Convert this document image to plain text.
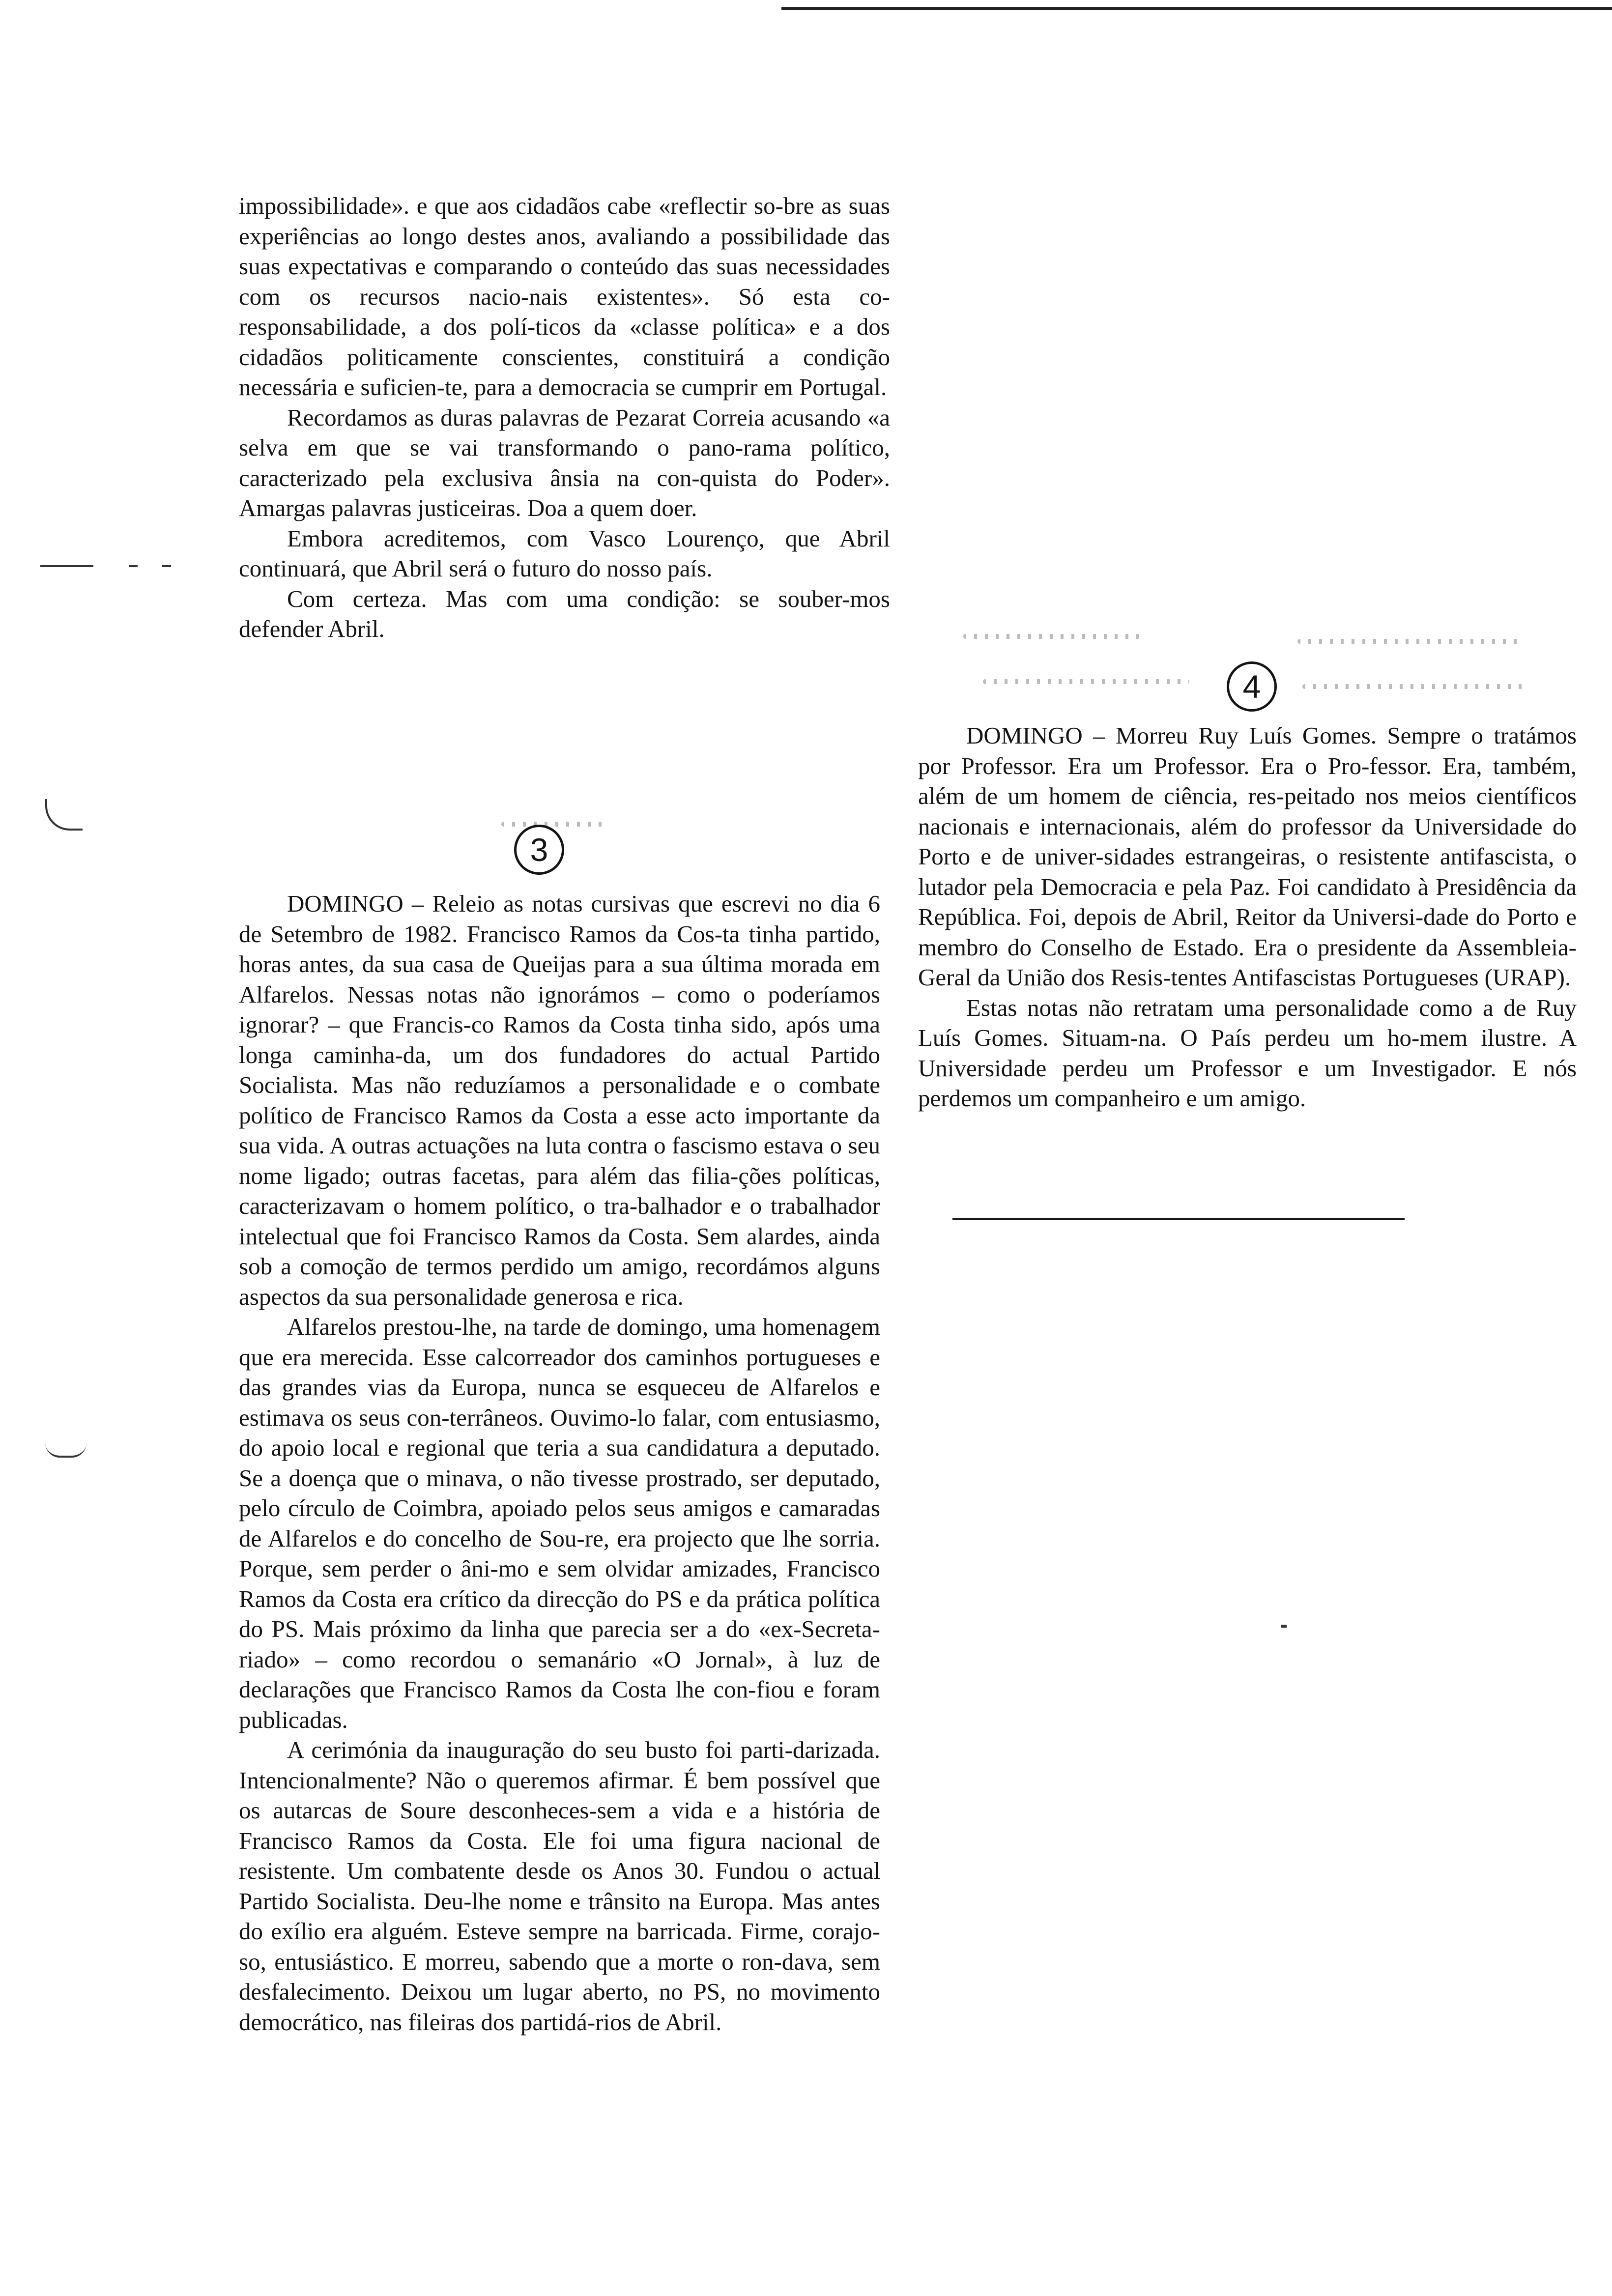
impossibilidade». e que aos cidadãos cabe «reflectir so-bre as suas experiências ao longo destes anos, avaliando a possibilidade das suas expectativas e comparando o conteúdo das suas necessidades com os recursos nacio-nais existentes». Só esta co-responsabilidade, a dos polí-ticos da «classe política» e a dos cidadãos politicamente conscientes, constituirá a condição necessária e suficien-te, para a democracia se cumprir em Portugal.

Recordamos as duras palavras de Pezarat Correia acusando «a selva em que se vai transformando o pano-rama político, caracterizado pela exclusiva ânsia na con-quista do Poder». Amargas palavras justiceiras. Doa a quem doer.

Embora acreditemos, com Vasco Lourenço, que Abril continuará, que Abril será o futuro do nosso país.

Com certeza. Mas com uma condição: se souber-mos defender Abril.

3

DOMINGO – Releio as notas cursivas que escrevi no dia 6 de Setembro de 1982. Francisco Ramos da Cos-ta tinha partido, horas antes, da sua casa de Queijas para a sua última morada em Alfarelos. Nessas notas não ignorámos – como o poderíamos ignorar? – que Francis-co Ramos da Costa tinha sido, após uma longa caminha-da, um dos fundadores do actual Partido Socialista. Mas não reduzíamos a personalidade e o combate político de Francisco Ramos da Costa a esse acto importante da sua vida. A outras actuações na luta contra o fascismo estava o seu nome ligado; outras facetas, para além das filia-ções políticas, caracterizavam o homem político, o tra-balhador e o trabalhador intelectual que foi Francisco Ramos da Costa. Sem alardes, ainda sob a comoção de termos perdido um amigo, recordámos alguns aspectos da sua personalidade generosa e rica.

Alfarelos prestou-lhe, na tarde de domingo, uma homenagem que era merecida. Esse calcorreador dos caminhos portugueses e das grandes vias da Europa, nunca se esqueceu de Alfarelos e estimava os seus con-terrâneos. Ouvimo-lo falar, com entusiasmo, do apoio local e regional que teria a sua candidatura a deputado. Se a doença que o minava, o não tivesse prostrado, ser deputado, pelo círculo de Coimbra, apoiado pelos seus amigos e camaradas de Alfarelos e do concelho de Sou-re, era projecto que lhe sorria. Porque, sem perder o âni-mo e sem olvidar amizades, Francisco Ramos da Costa era crítico da direcção do PS e da prática política do PS. Mais próximo da linha que parecia ser a do «ex-Secreta-riado» – como recordou o semanário «O Jornal», à luz de declarações que Francisco Ramos da Costa lhe con-fiou e foram publicadas.

A cerimónia da inauguração do seu busto foi parti-darizada. Intencionalmente? Não o queremos afirmar. É bem possível que os autarcas de Soure desconheces-sem a vida e a história de Francisco Ramos da Costa. Ele foi uma figura nacional de resistente. Um combatente desde os Anos 30. Fundou o actual Partido Socialista. Deu-lhe nome e trânsito na Europa. Mas antes do exílio era alguém. Esteve sempre na barricada. Firme, corajo-so, entusiástico. E morreu, sabendo que a morte o ron-dava, sem desfalecimento. Deixou um lugar aberto, no PS, no movimento democrático, nas fileiras dos partidá-rios de Abril.

4

DOMINGO – Morreu Ruy Luís Gomes. Sempre o tratámos por Professor. Era um Professor. Era o Pro-fessor. Era, também, além de um homem de ciência, res-peitado nos meios científicos nacionais e internacionais, além do professor da Universidade do Porto e de univer-sidades estrangeiras, o resistente antifascista, o lutador pela Democracia e pela Paz. Foi candidato à Presidência da República. Foi, depois de Abril, Reitor da Universi-dade do Porto e membro do Conselho de Estado. Era o presidente da Assembleia-Geral da União dos Resis-tentes Antifascistas Portugueses (URAP).

Estas notas não retratam uma personalidade como a de Ruy Luís Gomes. Situam-na. O País perdeu um ho-mem ilustre. A Universidade perdeu um Professor e um Investigador. E nós perdemos um companheiro e um amigo.
